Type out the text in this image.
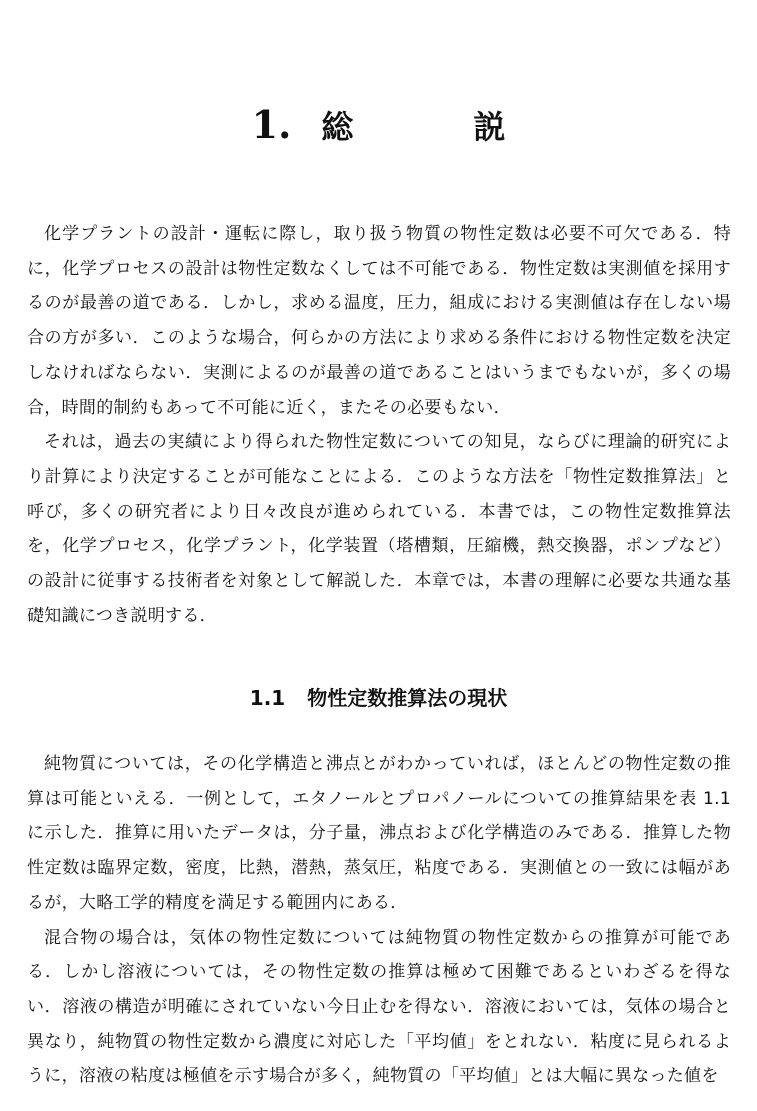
1. 総	説

化学プラントの設計・運転に際し，取り扱う物質の物性定数は必要不可欠である．特に，化学プロセスの設計は物性定数なくしては不可能である．物性定数は実測値を採用するのが最善の道である．しかし，求める温度，圧力，組成における実測値は存在しない場合の方が多い．このような場合，何らかの方法により求める条件における物性定数を決定しなければならない．実測によるのが最善の道であることはいうまでもないが，多くの場合，時間的制約もあって不可能に近く，またその必要もない．

それは，過去の実績により得られた物性定数についての知見，ならびに理論的研究により計算により決定することが可能なことによる．このような方法を「物性定数推算法」と呼び，多くの研究者により日々改良が進められている．本書では，この物性定数推算法を，化学プロセス，化学プラント，化学装置（塔槽類，圧縮機，熱交換器，ポンプなど）の設計に従事する技術者を対象として解説した．本章では，本書の理解に必要な共通な基礎知識につき説明する．

1.1 物性定数推算法の現状

純物質については，その化学構造と沸点とがわかっていれば，ほとんどの物性定数の推算は可能といえる．一例として，エタノールとプロパノールについての推算結果を表 1.1 に示した．推算に用いたデータは，分子量，沸点および化学構造のみである．推算した物性定数は臨界定数，密度，比熱，潜熱，蒸気圧，粘度である．実測値との一致には幅があるが，大略工学的精度を満足する範囲内にある．

混合物の場合は，気体の物性定数については純物質の物性定数からの推算が可能である．しかし溶液については，その物性定数の推算は極めて困難であるといわざるを得ない．溶液の構造が明確にされていない今日止むを得ない．溶液においては，気体の場合と異なり，純物質の物性定数から濃度に対応した「平均値」をとれない．粘度に見られるように，溶液の粘度は極値を示す場合が多く，純物質の「平均値」とは大幅に異なった値を
